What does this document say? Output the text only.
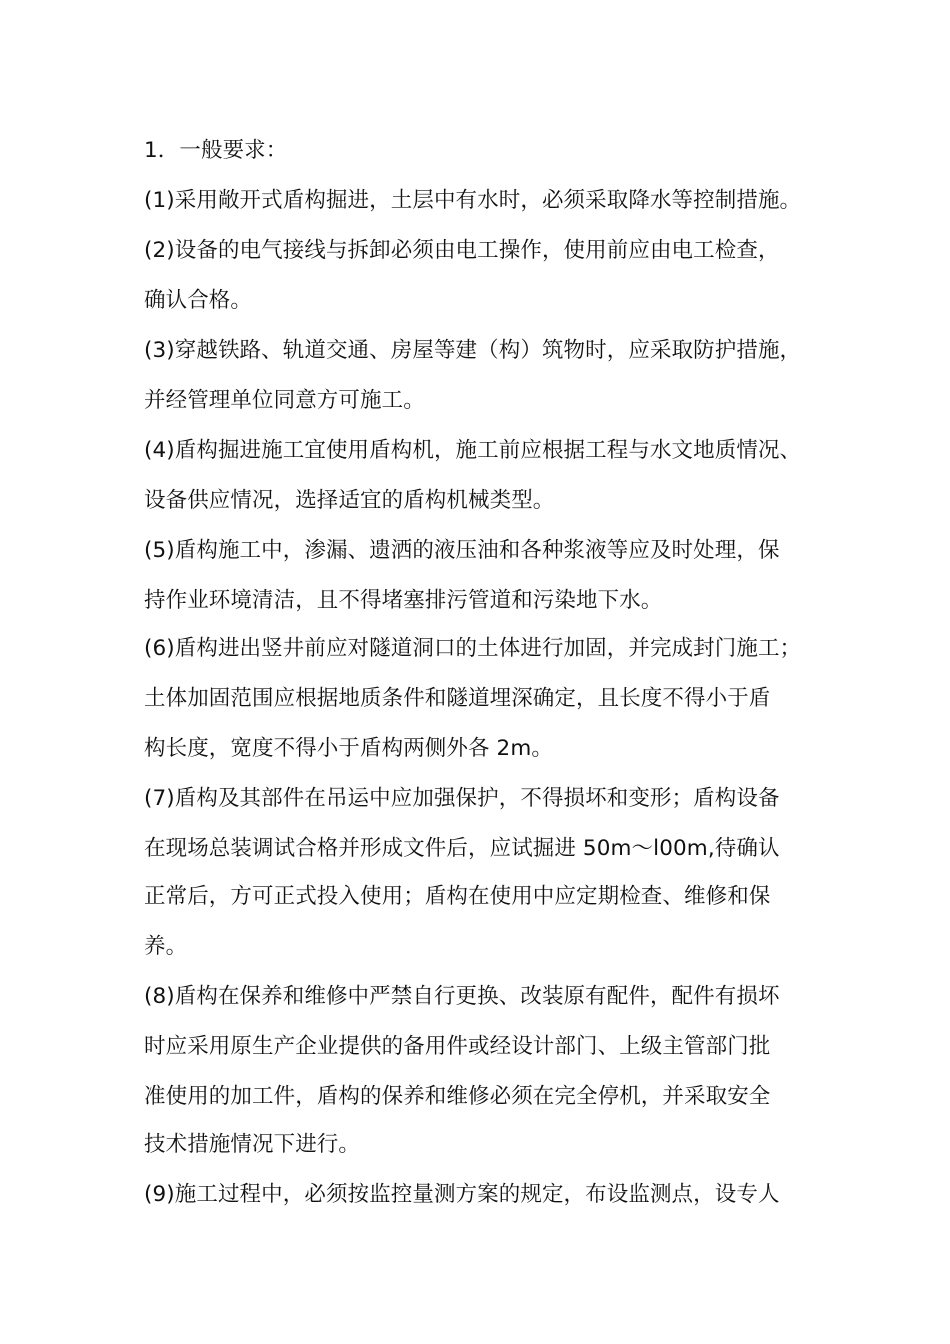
1．一般要求：
(1)采用敞开式盾构掘进，土层中有水时，必须采取降水等控制措施。
(2)设备的电气接线与拆卸必须由电工操作，使用前应由电工检查，
确认合格。
(3)穿越铁路、轨道交通、房屋等建（构）筑物时，应采取防护措施，
并经管理单位同意方可施工。
(4)盾构掘进施工宜使用盾构机，施工前应根据工程与水文地质情况、
设备供应情况，选择适宜的盾构机械类型。
(5)盾构施工中，渗漏、遗洒的液压油和各种浆液等应及时处理，保
持作业环境清洁，且不得堵塞排污管道和污染地下水。
(6)盾构进出竖井前应对隧道洞口的土体进行加固，并完成封门施工；
土体加固范围应根据地质条件和隧道埋深确定，且长度不得小于盾
构长度，宽度不得小于盾构两侧外各 2m。
(7)盾构及其部件在吊运中应加强保护，不得损坏和变形；盾构设备
在现场总装调试合格并形成文件后，应试掘进 50m～l00m,待确认
正常后，方可正式投入使用；盾构在使用中应定期检查、维修和保
养。
(8)盾构在保养和维修中严禁自行更换、改装原有配件，配件有损坏
时应采用原生产企业提供的备用件或经设计部门、上级主管部门批
准使用的加工件，盾构的保养和维修必须在完全停机，并采取安全
技术措施情况下进行。
(9)施工过程中，必须按监控量测方案的规定，布设监测点，设专人
